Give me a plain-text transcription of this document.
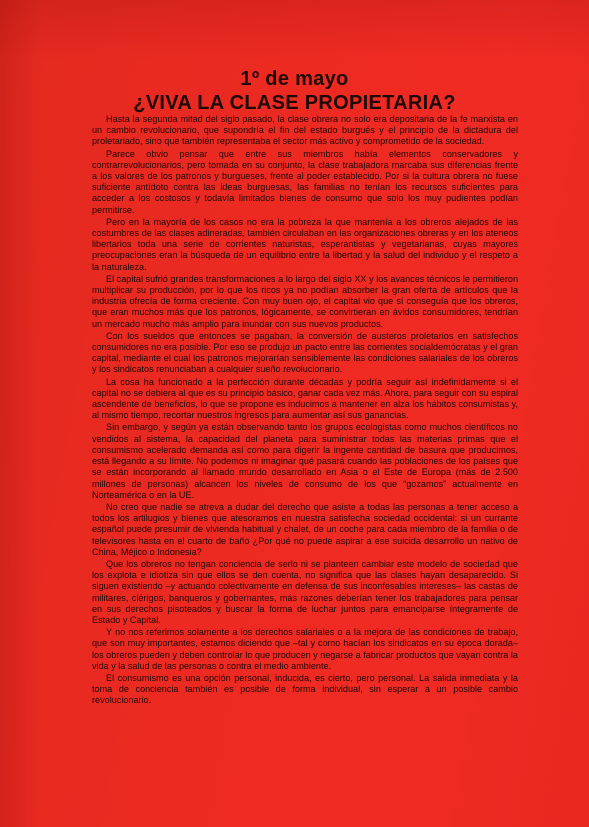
1º de mayo
¿VIVA LA CLASE PROPIETARIA?

Hasta la segunda mitad del siglo pasado, la clase obrera no solo era depositaria de la fe marxista en un cambio revolucionario, que supondría el fin del estado burgués y el principio de la dictadura del proletariado, sino que también representaba el sector más activo y comprometido de la sociedad.

Parece obvio pensar que entre sus miembros había elementos conservadores y contrarrevolucionarios, pero tomada en su conjunto, la clase trabajadora marcaba sus diferencias frente a los valores de los patronos y burgueses, frente al poder establecido. Por si la cultura obrera no fuese suficiente antídoto contra las ideas burguesas, las familias no tenían los recursos suficientes para acceder a los costosos y todavía limitados bienes de consumo que solo los muy pudientes podían permitirse.

Pero en la mayoría de los casos no era la pobreza la que mantenía a los obreros alejados de las costumbres de las clases adineradas, también circulaban en las organizaciones obreras y en los ateneos libertarios toda una serie de corrientes naturistas, esperantistas y vegetarianas, cuyas mayores preocupaciones eran la búsqueda de un equilibrio entre la libertad y la salud del individuo y el respeto a la naturaleza.

El capital sufrió grandes transformaciones a lo largo del siglo XX y los avances técnicos le permitieron multiplicar su producción, por lo que los ricos ya no podían absorber la gran oferta de artículos que la industria ofrecía de forma creciente. Con muy buen ojo, el capital vio que sí conseguía que los obreros, que eran muchos más que los patronos, lógicamente, se convirtieran en ávidos consumidores, tendrían un mercado mucho más amplio para inundar con sus nuevos productos.

Con los sueldos que entonces se pagaban, la conversión de austeros proletarios en satisfechos consumidores no era posible. Por eso se produjo un pacto entre las corrientes socialdemócratas y el gran capital, mediante el cual los patronos mejorarían sensiblemente las condiciones salariales de los obreros y los sindicatos renunciaban a cualquier sueño revolucionario.

La cosa ha funcionado a la perfección durante décadas y podría seguir así indefinidamente si el capital no se debiera al que es su principio básico, ganar cada vez más. Ahora, para seguir con su espiral ascendente de beneficios, lo que se propone es inducimos a mantener en alza los hábitos consumistas y, al mismo tiempo, recortar nuestros ingresos para aumentar así sus ganancias.

Sin embargo, y según ya están observando tanto los grupos ecologistas como muchos científicos no vendidos al sistema, la capacidad del planeta para suministrar todas las materias primas que el consumismo acelerado demanda así como para digerir la ingente cantidad de basura que producimos, está llegando a su límite. No podemos ni imaginar qué pasará cuando las poblaciones de los países que se están incorporando al llamado mundo desarrollado en Asia o el Este de Europa (más de 2.500 millones de personas) alcancen los niveles de consumo de los que “gozamos” actualmente en Norteamérica o en la UE.

No creo que nadie se atreva a dudar del derecho que asiste a todas las personas a tener acceso a todos los artilugios y bienes que atesoramos en nuestra satisfecha sociedad occidental: si un currante español puede presumir de vivienda habitual y chalet, de un coche para cada miembro de la familia o de televisores hasta en el cuarto de baño ¿Por qué no puede aspirar a ese suicida desarrollo un nativo de China, Méjico o Indonesia?

Que los obreros no tengan conciencia de serlo ni se planteen cambiar este modelo de sociedad que los explota e idiotiza sin que ellos se den cuenta, no significa que las clases hayan desaparecido. Si siguen existiendo –y actuando colectivamente en defensa de sus inconfesables intereses– las castas de militares, clérigos, banqueros y gobernantes, más razones deberían tener los trabajadores para pensar en sus derechos pisoteados y buscar la forma de luchar juntos para emanciparse íntegramente de Estado y Capital.

Y no nos referimos solamente a los derechos salariales o a la mejora de las condiciones de trabajo, que son muy importantes, estamos diciendo que –tal y como hacían los sindicatos en su época dorada– los obreros pueden y deben controlar lo que producen y negarse a fabricar productos que vayan contra la vida y la salud de las personas o contra el medio ambiente.

El consumismo es una opción personal, inducida, es cierto, pero personal. La salida inmediata y la toma de conciencia también es posible de forma individual, sin esperar a un posible cambio revolucionario.
